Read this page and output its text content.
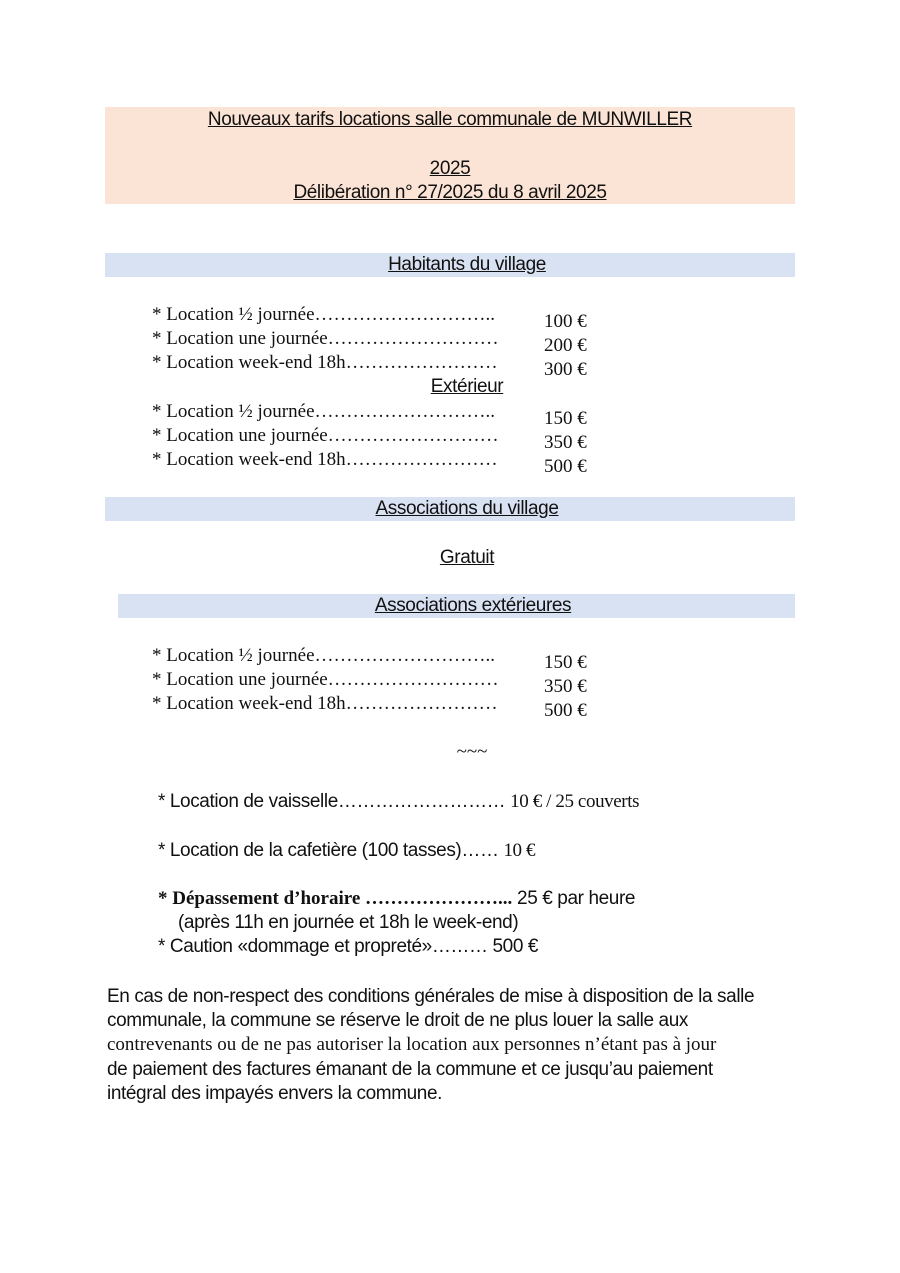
Nouveaux tarifs locations salle communale de MUNWILLER
2025
Délibération n° 27/2025 du 8 avril 2025
Habitants du village
* Location ½ journée………………………..	100 €
* Location une journée………………………200 €
* Location week-end 18h……………………300 €
Extérieur
* Location ½ journée………………………..	150 €
* Location une journée………………………350 €
* Location week-end 18h……………………500 €
Associations du village
Gratuit
Associations extérieures
* Location ½ journée………………………..	150 €
* Location une journée………………………350 €
* Location week-end 18h……………………500 €
~~~
* Location de vaisselle……………………… 10 € / 25 couverts
* Location de la cafetière (100 tasses)…… 10 €
* Dépassement d’horaire …………………... 25 € par heure
(après 11h en journée et 18h le week-end)
* Caution «dommage et propreté»……… 500 €
En cas de non-respect des conditions générales de mise à disposition de la salle
communale, la commune se réserve le droit de ne plus louer la salle aux
contrevenants ou de ne pas autoriser la location aux personnes n’étant pas à jour
de paiement des factures émanant de la commune et ce jusqu’au paiement
intégral des impayés envers la commune.
